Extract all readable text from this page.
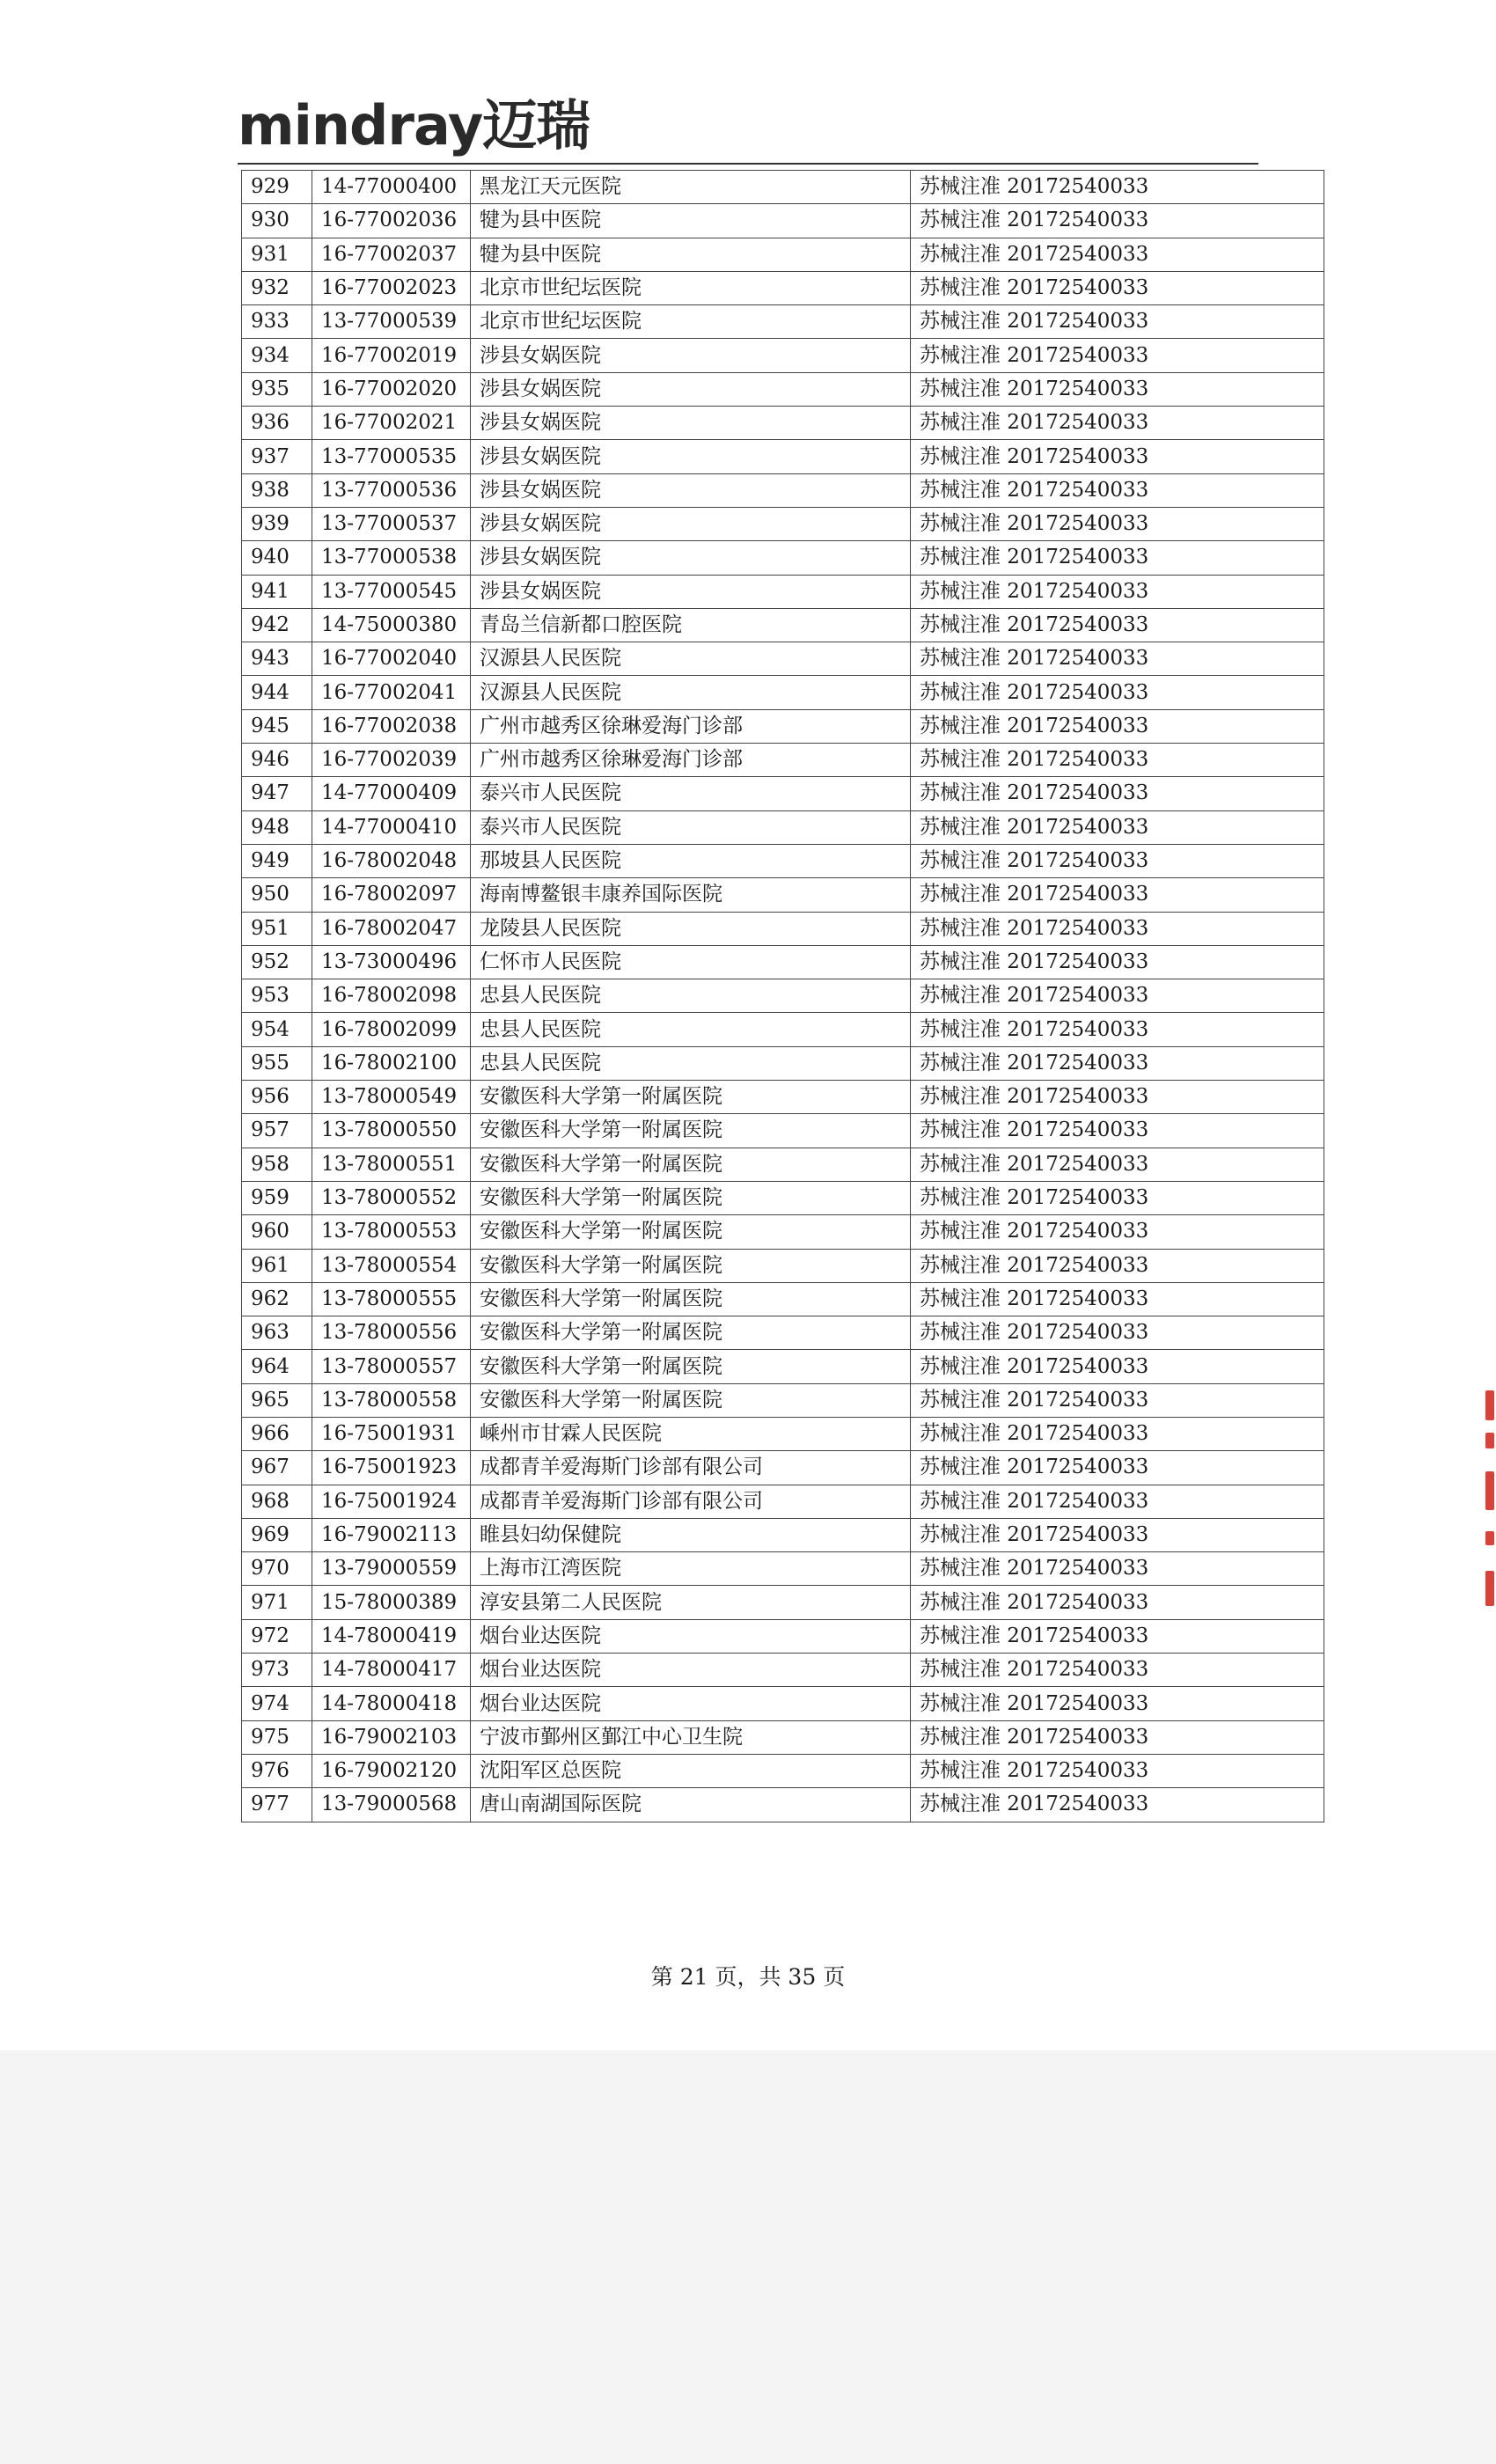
mindray迈瑞
929	14-77000400	黑龙江天元医院	苏械注准 20172540033
930	16-77002036	犍为县中医院	苏械注准 20172540033
931	16-77002037	犍为县中医院	苏械注准 20172540033
932	16-77002023	北京市世纪坛医院	苏械注准 20172540033
933	13-77000539	北京市世纪坛医院	苏械注准 20172540033
934	16-77002019	涉县女娲医院	苏械注准 20172540033
935	16-77002020	涉县女娲医院	苏械注准 20172540033
936	16-77002021	涉县女娲医院	苏械注准 20172540033
937	13-77000535	涉县女娲医院	苏械注准 20172540033
938	13-77000536	涉县女娲医院	苏械注准 20172540033
939	13-77000537	涉县女娲医院	苏械注准 20172540033
940	13-77000538	涉县女娲医院	苏械注准 20172540033
941	13-77000545	涉县女娲医院	苏械注准 20172540033
942	14-75000380	青岛兰信新都口腔医院	苏械注准 20172540033
943	16-77002040	汉源县人民医院	苏械注准 20172540033
944	16-77002041	汉源县人民医院	苏械注准 20172540033
945	16-77002038	广州市越秀区徐琳爱海门诊部	苏械注准 20172540033
946	16-77002039	广州市越秀区徐琳爱海门诊部	苏械注准 20172540033
947	14-77000409	泰兴市人民医院	苏械注准 20172540033
948	14-77000410	泰兴市人民医院	苏械注准 20172540033
949	16-78002048	那坡县人民医院	苏械注准 20172540033
950	16-78002097	海南博鳌银丰康养国际医院	苏械注准 20172540033
951	16-78002047	龙陵县人民医院	苏械注准 20172540033
952	13-73000496	仁怀市人民医院	苏械注准 20172540033
953	16-78002098	忠县人民医院	苏械注准 20172540033
954	16-78002099	忠县人民医院	苏械注准 20172540033
955	16-78002100	忠县人民医院	苏械注准 20172540033
956	13-78000549	安徽医科大学第一附属医院	苏械注准 20172540033
957	13-78000550	安徽医科大学第一附属医院	苏械注准 20172540033
958	13-78000551	安徽医科大学第一附属医院	苏械注准 20172540033
959	13-78000552	安徽医科大学第一附属医院	苏械注准 20172540033
960	13-78000553	安徽医科大学第一附属医院	苏械注准 20172540033
961	13-78000554	安徽医科大学第一附属医院	苏械注准 20172540033
962	13-78000555	安徽医科大学第一附属医院	苏械注准 20172540033
963	13-78000556	安徽医科大学第一附属医院	苏械注准 20172540033
964	13-78000557	安徽医科大学第一附属医院	苏械注准 20172540033
965	13-78000558	安徽医科大学第一附属医院	苏械注准 20172540033
966	16-75001931	嵊州市甘霖人民医院	苏械注准 20172540033
967	16-75001923	成都青羊爱海斯门诊部有限公司	苏械注准 20172540033
968	16-75001924	成都青羊爱海斯门诊部有限公司	苏械注准 20172540033
969	16-79002113	睢县妇幼保健院	苏械注准 20172540033
970	13-79000559	上海市江湾医院	苏械注准 20172540033
971	15-78000389	淳安县第二人民医院	苏械注准 20172540033
972	14-78000419	烟台业达医院	苏械注准 20172540033
973	14-78000417	烟台业达医院	苏械注准 20172540033
974	14-78000418	烟台业达医院	苏械注准 20172540033
975	16-79002103	宁波市鄞州区鄞江中心卫生院	苏械注准 20172540033
976	16-79002120	沈阳军区总医院	苏械注准 20172540033
977	13-79000568	唐山南湖国际医院	苏械注准 20172540033
第 21 页，共 35 页
